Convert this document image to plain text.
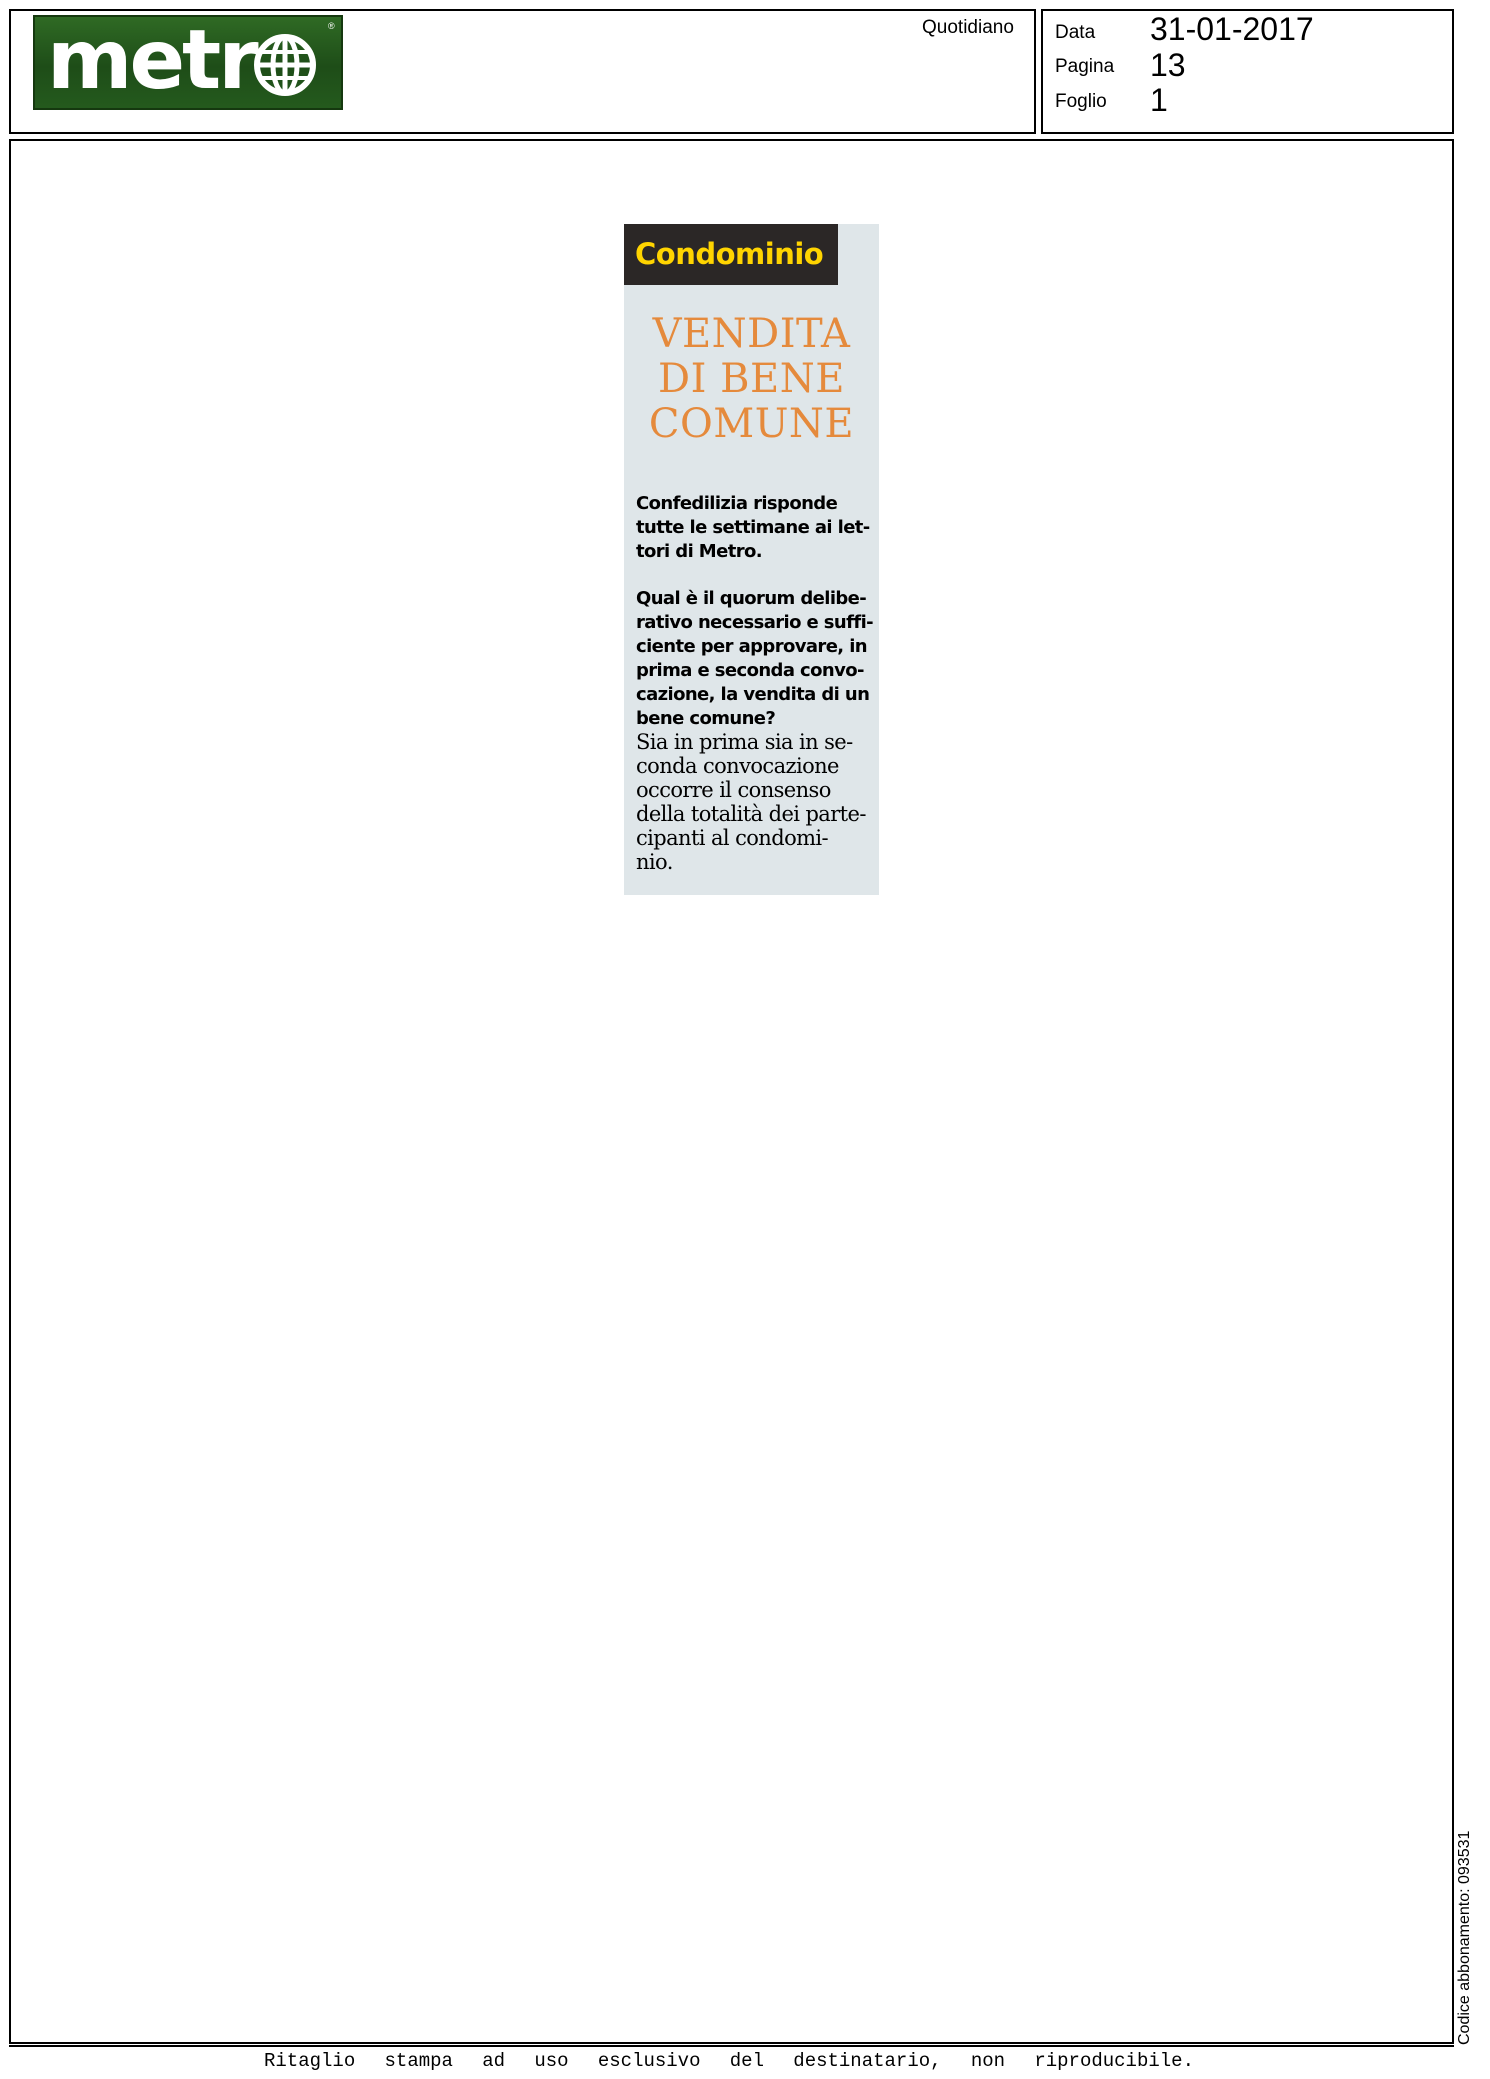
metr	®	Quotidiano Data 31-01-2017
Pagina 13
Foglio 1
Condominio
VENDITA
DI BENE
COMUNE
Confedilizia risponde
tutte le settimane ai let-
tori di Metro.
Qual è il quorum delibe-
rativo necessario e suffi-
ciente per approvare, in
prima e seconda convo-
cazione, la vendita di un
bene comune?
Sia in prima sia in se-
conda convocazione
occorre il consenso
della totalità dei parte-
cipanti al condomi-
nio.
Codice abbonamento: 093531
Ritaglio stampa ad uso esclusivo del destinatario, non riproducibile.
